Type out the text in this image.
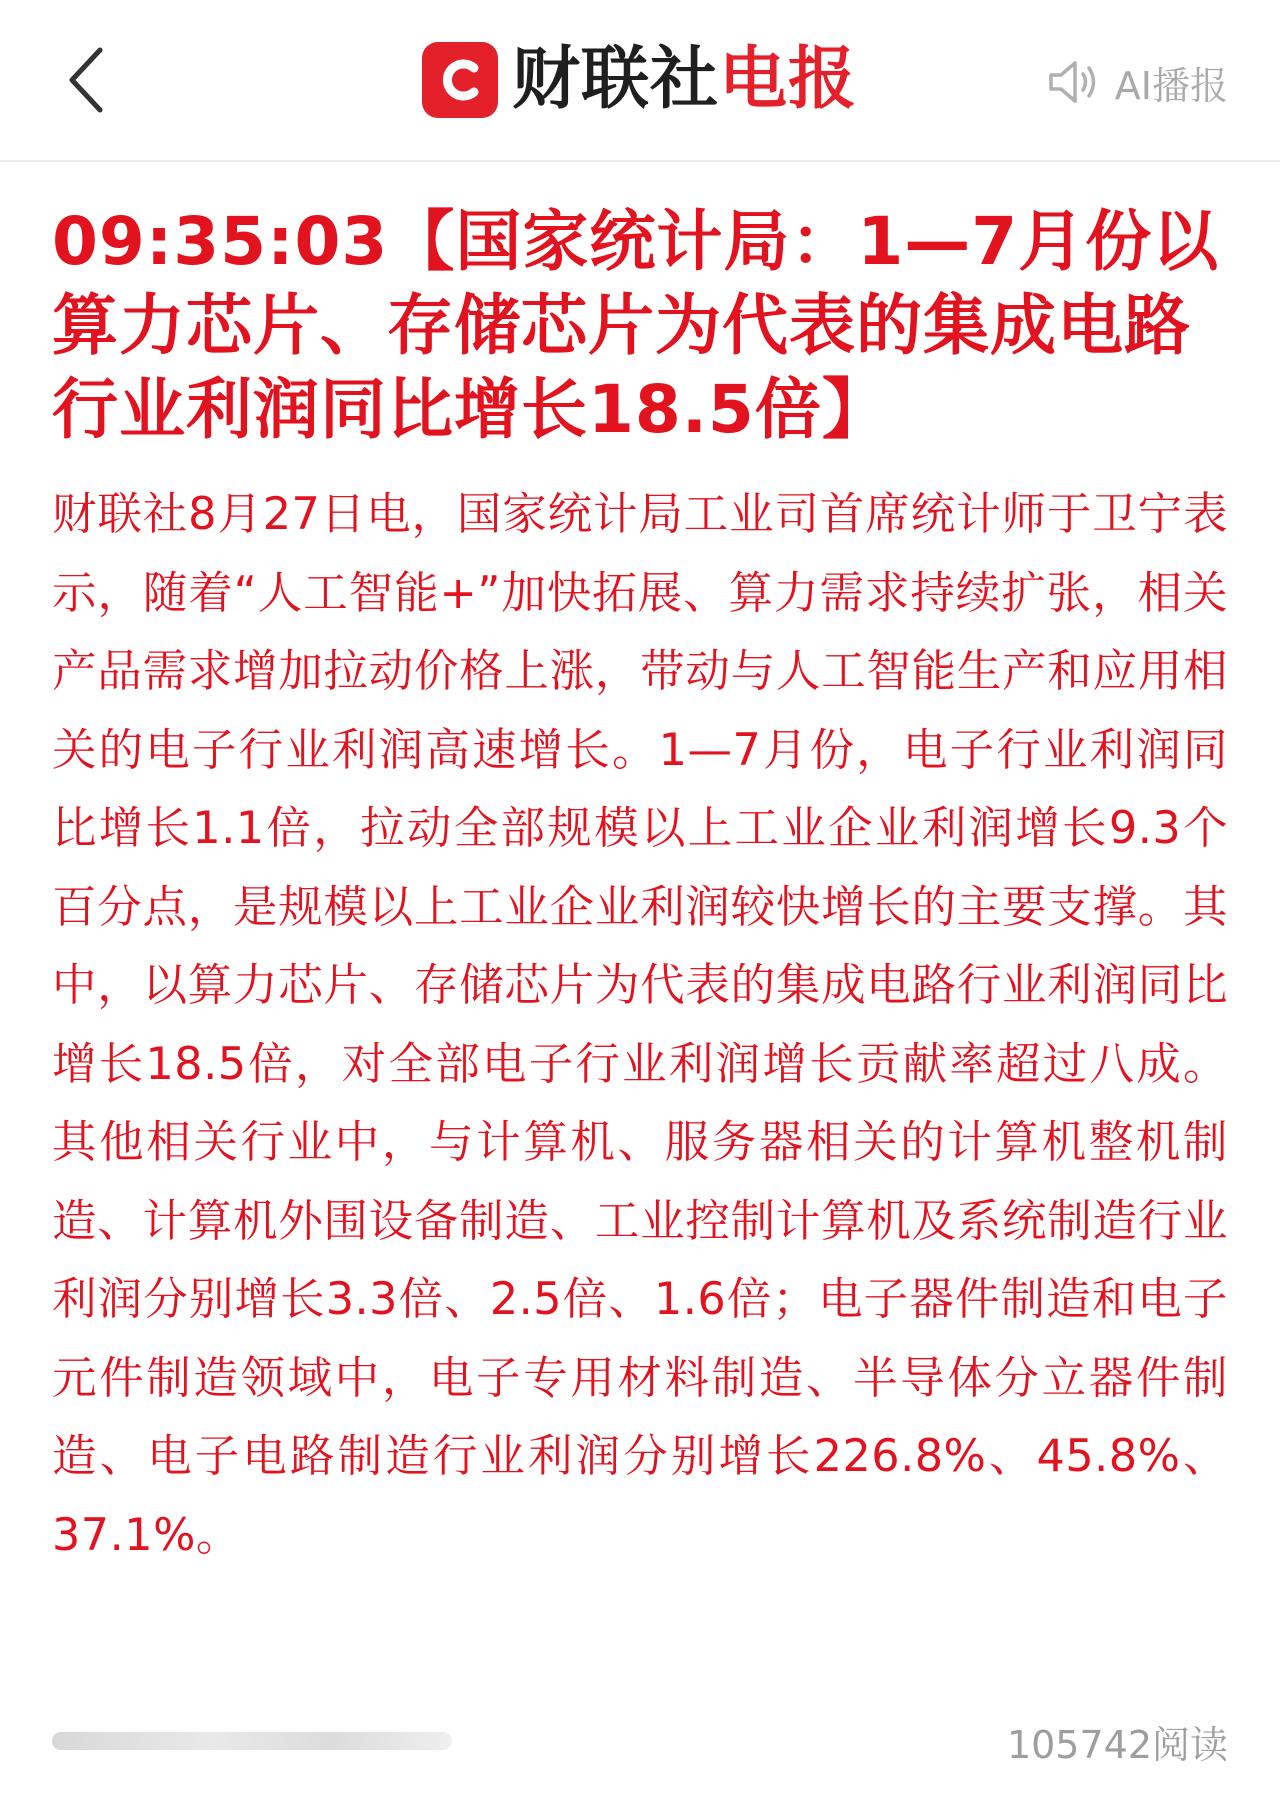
财联社电报	AI播报
09:35:03【国家统计局：1—7月份以算力芯片、存储芯片为代表的集成电路行业利润同比增长18.5倍】

财联社8月27日电，国家统计局工业司首席统计师于卫宁表示，随着“人工智能+”加快拓展、算力需求持续扩张，相关产品需求增加拉动价格上涨，带动与人工智能生产和应用相关的电子行业利润高速增长。1—7月份，电子行业利润同比增长1.1倍，拉动全部规模以上工业企业利润增长9.3个百分点，是规模以上工业企业利润较快增长的主要支撑。其中，以算力芯片、存储芯片为代表的集成电路行业利润同比增长18.5倍，对全部电子行业利润增长贡献率超过八成。其他相关行业中，与计算机、服务器相关的计算机整机制造、计算机外围设备制造、工业控制计算机及系统制造行业利润分别增长3.3倍、2.5倍、1.6倍；电子器件制造和电子元件制造领域中，电子专用材料制造、半导体分立器件制造、电子电路制造行业利润分别增长226.8%、45.8%、37.1%。

105742阅读
